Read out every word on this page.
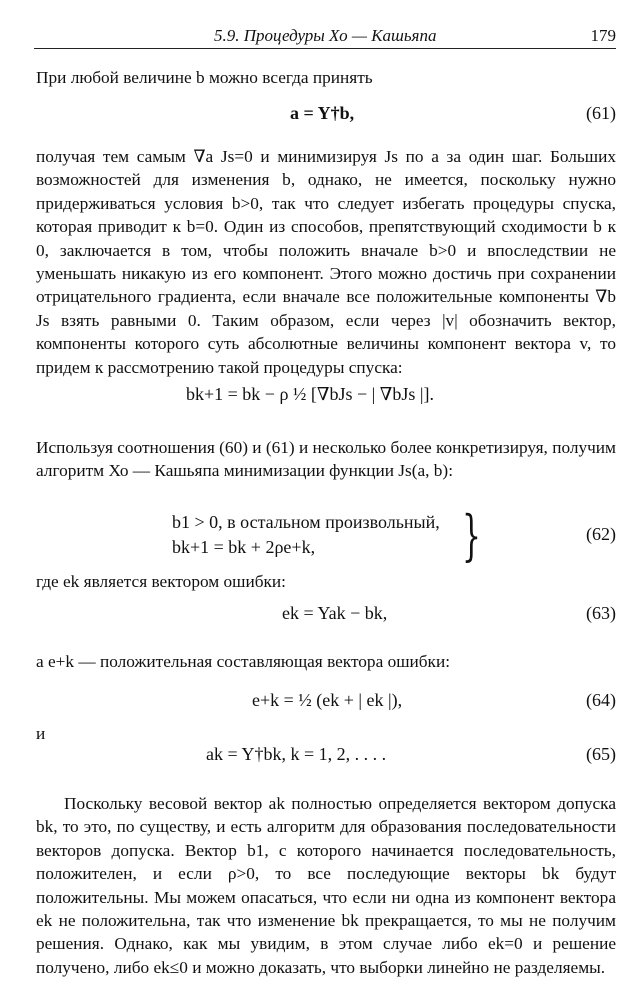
5.9. Процедуры Хо — Кашьяпа	179

При любой величине b можно всегда принять

a = Y†b,	(61)

получая тем самым ∇a Js=0 и минимизируя Js по a за один шаг. Больших возможностей для изменения b, однако, не имеется, поскольку нужно придерживаться условия b>0, так что следует избегать процедуры спуска, которая приводит к b=0. Один из способов, препятствующий сходимости b к 0, заключается в том, чтобы положить вначале b>0 и впоследствии не уменьшать никакую из его компонент. Этого можно достичь при сохранении отрицательного градиента, если вначале все положительные компоненты ∇b Js взять равными 0. Таким образом, если через |v| обозначить вектор, компоненты которого суть абсолютные величины компонент вектора v, то придем к рассмотрению такой процедуры спуска:

bk+1 = bk − ρ ½ [∇bJs − | ∇bJs |].

Используя соотношения (60) и (61) и несколько более конкретизируя, получим алгоритм Хо — Кашьяпа минимизации функции Js(a, b):

b1 > 0, в остальном произвольный,
bk+1 = bk + 2ρe+k,	}	(62)

где ek является вектором ошибки:

ek = Yak − bk,	(63)

а e+k — положительная составляющая вектора ошибки:

e+k = ½ (ek + | ek |),	(64)

и

ak = Y†bk, k = 1, 2, . . . .	(65)

Поскольку весовой вектор ak полностью определяется вектором допуска bk, то это, по существу, и есть алгоритм для образования последовательности векторов допуска. Вектор b1, с которого начинается последовательность, положителен, и если ρ>0, то все последующие векторы bk будут положительны. Мы можем опасаться, что если ни одна из компонент вектора ek не положительна, так что изменение bk прекращается, то мы не получим решения. Однако, как мы увидим, в этом случае либо ek=0 и решение получено, либо ek≤0 и можно доказать, что выборки линейно не разделяемы.
